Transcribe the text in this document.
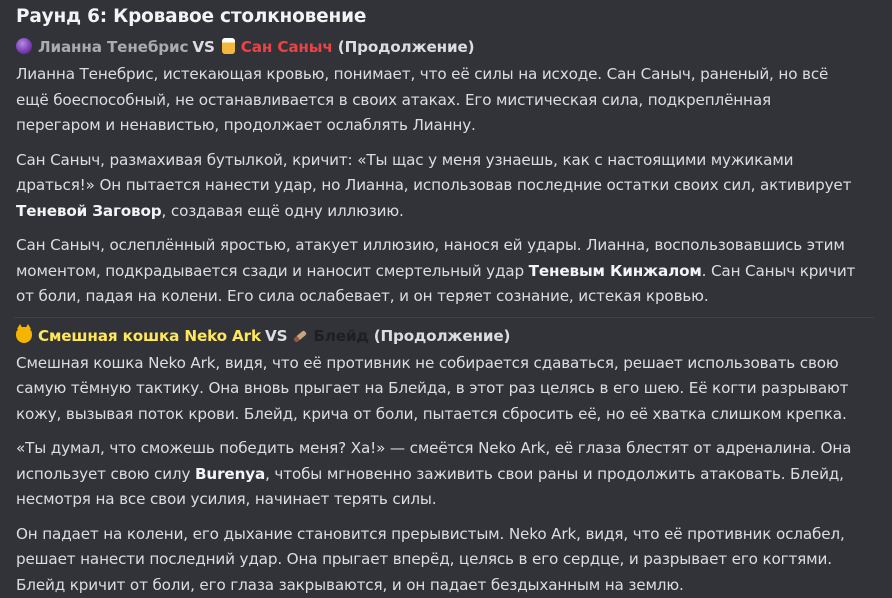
Раунд 6: Кровавое столкновение
Лианна Тенебрис VS Сан Саныч (Продолжение)

Лианна Тенебрис, истекающая кровью, понимает, что её силы на исходе. Сан Саныч, раненый, но всё ещё боеспособный, не останавливается в своих атаках. Его мистическая сила, подкреплённая перегаром и ненавистью, продолжает ослаблять Лианну.

Сан Саныч, размахивая бутылкой, кричит: «Ты щас у меня узнаешь, как с настоящими мужиками драться!» Он пытается нанести удар, но Лианна, использовав последние остатки своих сил, активирует Теневой Заговор, создавая ещё одну иллюзию.

Сан Саныч, ослеплённый яростью, атакует иллюзию, нанося ей удары. Лианна, воспользовавшись этим моментом, подкрадывается сзади и наносит смертельный удар Теневым Кинжалом. Сан Саныч кричит от боли, падая на колени. Его сила ослабевает, и он теряет сознание, истекая кровью.

Смешная кошка Neko Ark VS Блейд (Продолжение)

Смешная кошка Neko Ark, видя, что её противник не собирается сдаваться, решает использовать свою самую тёмную тактику. Она вновь прыгает на Блейда, в этот раз целясь в его шею. Её когти разрывают кожу, вызывая поток крови. Блейд, крича от боли, пытается сбросить её, но её хватка слишком крепка.

«Ты думал, что сможешь победить меня? Ха!» — смеётся Neko Ark, её глаза блестят от адреналина. Она использует свою силу Burenya, чтобы мгновенно заживить свои раны и продолжить атаковать. Блейд, несмотря на все свои усилия, начинает терять силы.

Он падает на колени, его дыхание становится прерывистым. Neko Ark, видя, что её противник ослабел, решает нанести последний удар. Она прыгает вперёд, целясь в его сердце, и разрывает его когтями. Блейд кричит от боли, его глаза закрываются, и он падает бездыханным на землю.
